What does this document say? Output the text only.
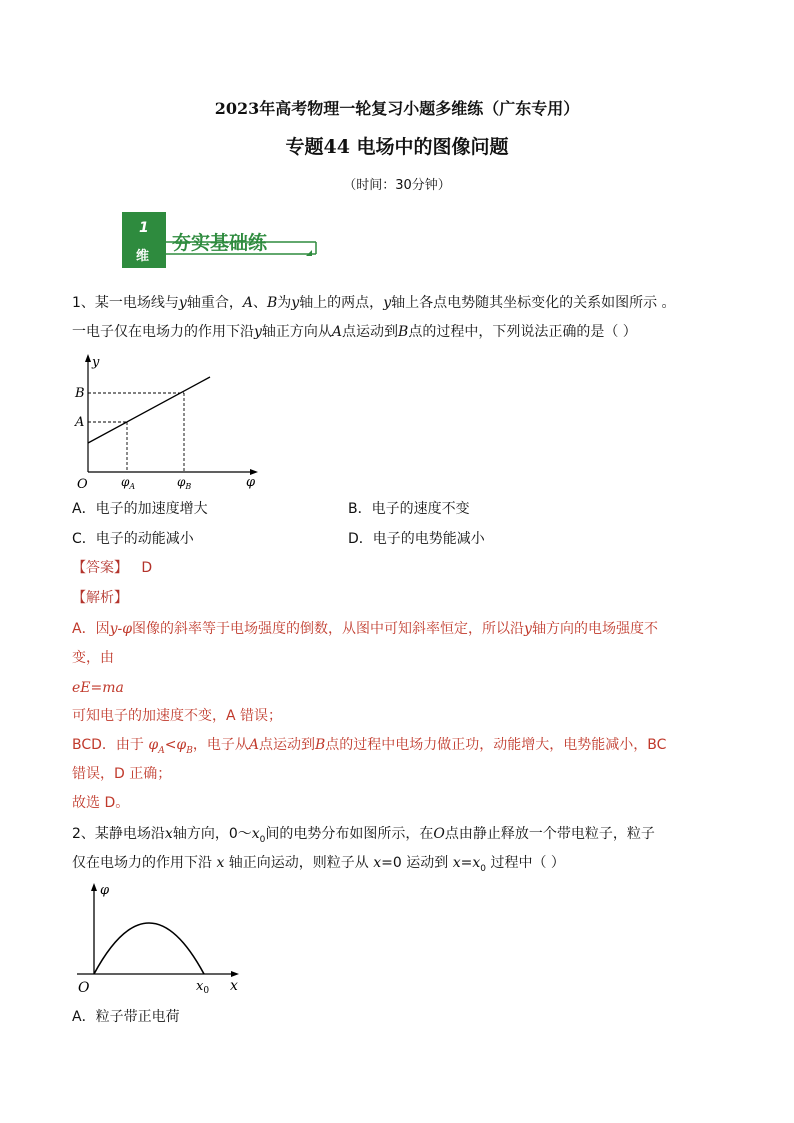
2023年高考物理一轮复习小题多维练（广东专用）
专题44 电场中的图像问题
（时间：30分钟）
1
维
夯实基础练
1、某一电场线与y轴重合，A、B为y轴上的两点，y轴上各点电势随其坐标变化的关系如图所示 。
一电子仅在电场力的作用下沿y轴正方向从A点运动到B点的过程中，下列说法正确的是（ ）
y
B
A
O	$\varphi_A$	$\varphi_B$	φ
A．电子的加速度增大	B．电子的速度不变
C．电子的动能减小	D．电子的电势能减小
【答案】 D
【解析】
A．因y-φ图像的斜率等于电场强度的倒数，从图中可知斜率恒定，所以沿y轴方向的电场强度不
变，由
eE=ma
可知电子的加速度不变，A 错误；
BCD．由于 $\varphi_A<\varphi_B$，电子从A点运动到B点的过程中电场力做正功，动能增大，电势能减小，BC
错误，D 正确；
故选 D。
2、某静电场沿x轴方向，$0\sim x_0$间的电势分布如图所示，在O点由静止释放一个带电粒子，粒子
仅在电场力的作用下沿 x 轴正向运动，则粒子从 x=0 运动到 $x=x_0$ 过程中（ ）
φ
O	$x_0$ x
A．粒子带正电荷
